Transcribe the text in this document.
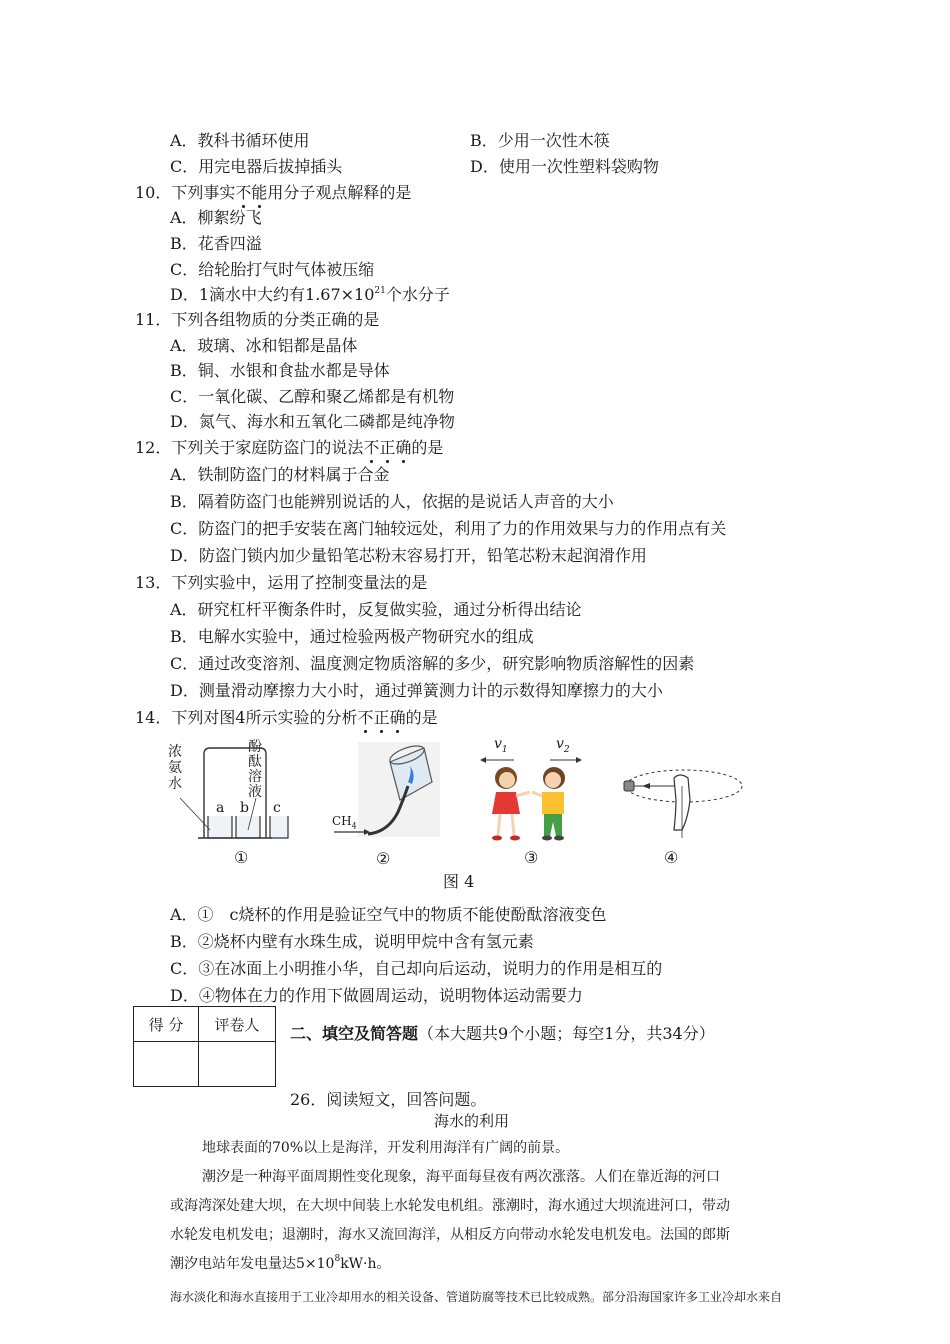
A．教科书循环使用	B．少用一次性木筷
C．用完电器后拔掉插头	D．使用一次性塑料袋购物
10．下列事实不能用分子观点解释的是
A．柳絮纷飞
B．花香四溢
C．给轮胎打气时气体被压缩
D．1滴水中大约有$1.67\times 10^{21}$个水分子
11．下列各组物质的分类正确的是
A．玻璃、冰和铝都是晶体
B．铜、水银和食盐水都是导体
C．一氧化碳、乙醇和聚乙烯都是有机物
D．氮气、海水和五氧化二磷都是纯净物
12．下列关于家庭防盗门的说法不正确的是
A．铁制防盗门的材料属于合金
B．隔着防盗门也能辨别说话的人，依据的是说话人声音的大小
C．防盗门的把手安装在离门轴较远处，利用了力的作用效果与力的作用点有关
D．防盗门锁内加少量铅笔芯粉末容易打开，铅笔芯粉末起润滑作用
13．下列实验中，运用了控制变量法的是
A．研究杠杆平衡条件时，反复做实验，通过分析得出结论
B．电解水实验中，通过检验两极产物研究水的组成
C．通过改变溶剂、温度测定物质溶解的多少，研究影响物质溶解性的因素
D．测量滑动摩擦力大小时，通过弹簧测力计的示数得知摩擦力的大小
14．下列对图4所示实验的分析不正确的是
浓
氨
水
酚
酞
溶
液
a b c
①
$CH_4$
②
$v_1$	$v_2$
③	④
图 4
A．①　c烧杯的作用是验证空气中的物质不能使酚酞溶液变色
B．②烧杯内壁有水珠生成，说明甲烷中含有氢元素
C．③在冰面上小明推小华，自己却向后运动，说明力的作用是相互的
D．④物体在力的作用下做圆周运动，说明物体运动需要力
得 分	评卷人
	二、填空及简答题（本大题共9个小题；每空1分，共34分）
26．阅读短文，回答问题。
海水的利用
地球表面的70%以上是海洋，开发利用海洋有广阔的前景。
潮汐是一种海平面周期性变化现象，海平面每昼夜有两次涨落。人们在靠近海的河口
或海湾深处建大坝，在大坝中间装上水轮发电机组。涨潮时，海水通过大坝流进河口，带动
水轮发电机发电；退潮时，海水又流回海洋，从相反方向带动水轮发电机发电。法国的郎斯
潮汐电站年发电量达$5\times 10^8kW\cdot h$。
海水淡化和海水直接用于工业冷却用水的相关设备、管道防腐等技术已比较成熟。部分沿海国家许多工业冷却水来自
